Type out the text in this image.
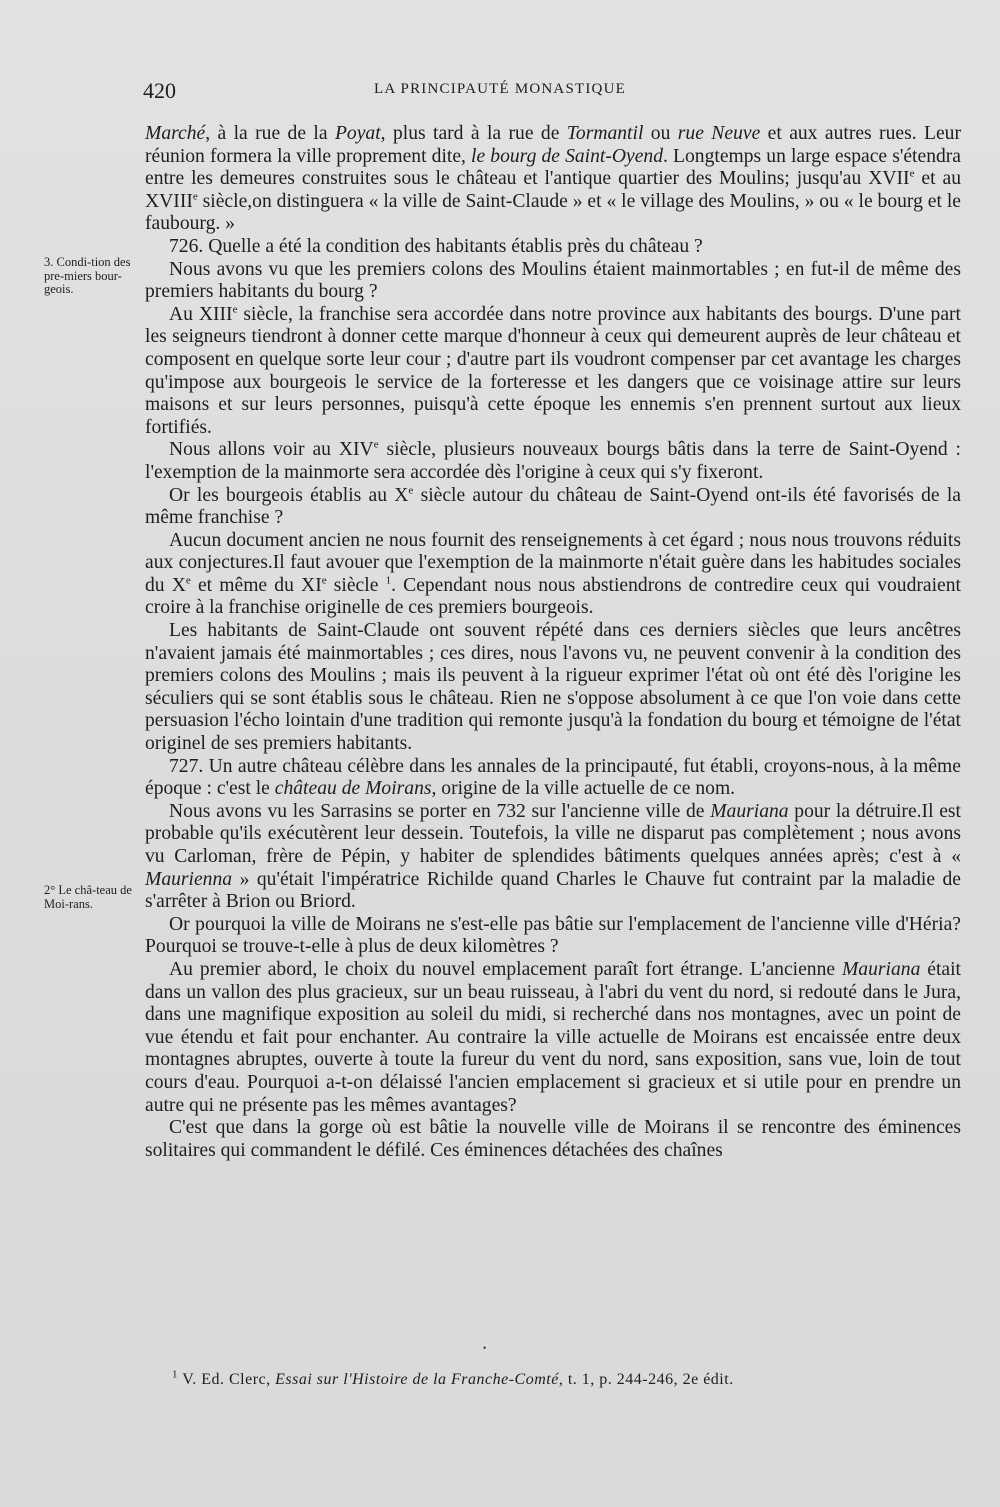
420	LA PRINCIPAUTÉ MONASTIQUE
3. Condi-tion des pre-miers bour-geois.
2° Le châ-teau de Moi-rans.

Marché, à la rue de la Poyat, plus tard à la rue de Tormantil ou rue Neuve et aux autres rues. Leur réunion formera la ville proprement dite, le bourg de Saint-Oyend. Longtemps un large espace s'étendra entre les demeures construites sous le château et l'antique quartier des Moulins; jusqu'au XVIIe et au XVIIIe siècle,on distinguera « la ville de Saint-Claude » et « le village des Moulins, » ou « le bourg et le faubourg. »

726. Quelle a été la condition des habitants établis près du château ?

Nous avons vu que les premiers colons des Moulins étaient mainmortables ; en fut-il de même des premiers habitants du bourg ?

Au XIIIe siècle, la franchise sera accordée dans notre province aux habitants des bourgs. D'une part les seigneurs tiendront à donner cette marque d'honneur à ceux qui demeurent auprès de leur château et composent en quelque sorte leur cour ; d'autre part ils voudront compenser par cet avantage les charges qu'impose aux bourgeois le service de la forteresse et les dangers que ce voisinage attire sur leurs maisons et sur leurs personnes, puisqu'à cette époque les ennemis s'en prennent surtout aux lieux fortifiés.

Nous allons voir au XIVe siècle, plusieurs nouveaux bourgs bâtis dans la terre de Saint-Oyend : l'exemption de la mainmorte sera accordée dès l'origine à ceux qui s'y fixeront.

Or les bourgeois établis au Xe siècle autour du château de Saint-Oyend ont-ils été favorisés de la même franchise ?

Aucun document ancien ne nous fournit des renseignements à cet égard ; nous nous trouvons réduits aux conjectures.Il faut avouer que l'exemption de la mainmorte n'était guère dans les habitudes sociales du Xe et même du XIe siècle $^1$. Cependant nous nous abstiendrons de contredire ceux qui voudraient croire à la franchise originelle de ces premiers bourgeois.

Les habitants de Saint-Claude ont souvent répété dans ces derniers siècles que leurs ancêtres n'avaient jamais été mainmortables ; ces dires, nous l'avons vu, ne peuvent convenir à la condition des premiers colons des Moulins ; mais ils peuvent à la rigueur exprimer l'état où ont été dès l'origine les séculiers qui se sont établis sous le château. Rien ne s'oppose absolument à ce que l'on voie dans cette persuasion l'écho lointain d'une tradition qui remonte jusqu'à la fondation du bourg et témoigne de l'état originel de ses premiers habitants.

727. Un autre château célèbre dans les annales de la principauté, fut établi, croyons-nous, à la même époque : c'est le château de Moirans, origine de la ville actuelle de ce nom.

Nous avons vu les Sarrasins se porter en 732 sur l'ancienne ville de Mauriana pour la détruire.Il est probable qu'ils exécutèrent leur dessein. Toutefois, la ville ne disparut pas complètement ; nous avons vu Carloman, frère de Pépin, y habiter de splendides bâtiments quelques années après; c'est à « Maurienna » qu'était l'impératrice Richilde quand Charles le Chauve fut contraint par la maladie de s'arrêter à Brion ou Briord.

Or pourquoi la ville de Moirans ne s'est-elle pas bâtie sur l'emplacement de l'ancienne ville d'Héria? Pourquoi se trouve-t-elle à plus de deux kilomètres ?

Au premier abord, le choix du nouvel emplacement paraît fort étrange. L'ancienne Mauriana était dans un vallon des plus gracieux, sur un beau ruisseau, à l'abri du vent du nord, si redouté dans le Jura, dans une magnifique exposition au soleil du midi, si recherché dans nos montagnes, avec un point de vue étendu et fait pour enchanter. Au contraire la ville actuelle de Moirans est encaissée entre deux montagnes abruptes, ouverte à toute la fureur du vent du nord, sans exposition, sans vue, loin de tout cours d'eau. Pourquoi a-t-on délaissé l'ancien emplacement si gracieux et si utile pour en prendre un autre qui ne présente pas les mêmes avantages?

C'est que dans la gorge où est bâtie la nouvelle ville de Moirans il se rencontre des éminences solitaires qui commandent le défilé. Ces éminences détachées des chaînes

•
$^1$ V. Ed. Clerc, Essai sur l'Histoire de la Franche-Comté, t. 1, p. 244-246, 2e édit.
